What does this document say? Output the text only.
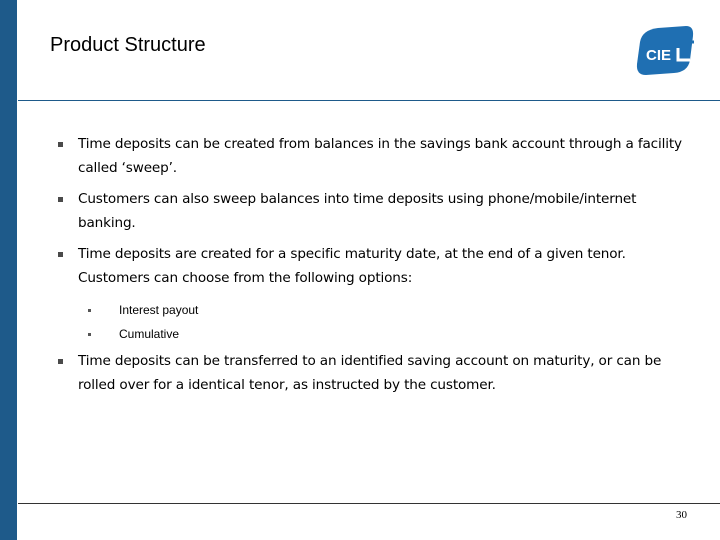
Product Structure	CIE
Time deposits can be created from balances in the savings bank account through a facility called ‘sweep’.
Customers can also sweep balances into time deposits using phone/mobile/internet banking.
Time deposits are created for a specific maturity date, at the end of a given tenor. Customers can choose from the following options:
Interest payout
Cumulative
Time deposits can be transferred to an identified saving account on maturity, or can be rolled over for a identical tenor, as instructed by the customer.
30
